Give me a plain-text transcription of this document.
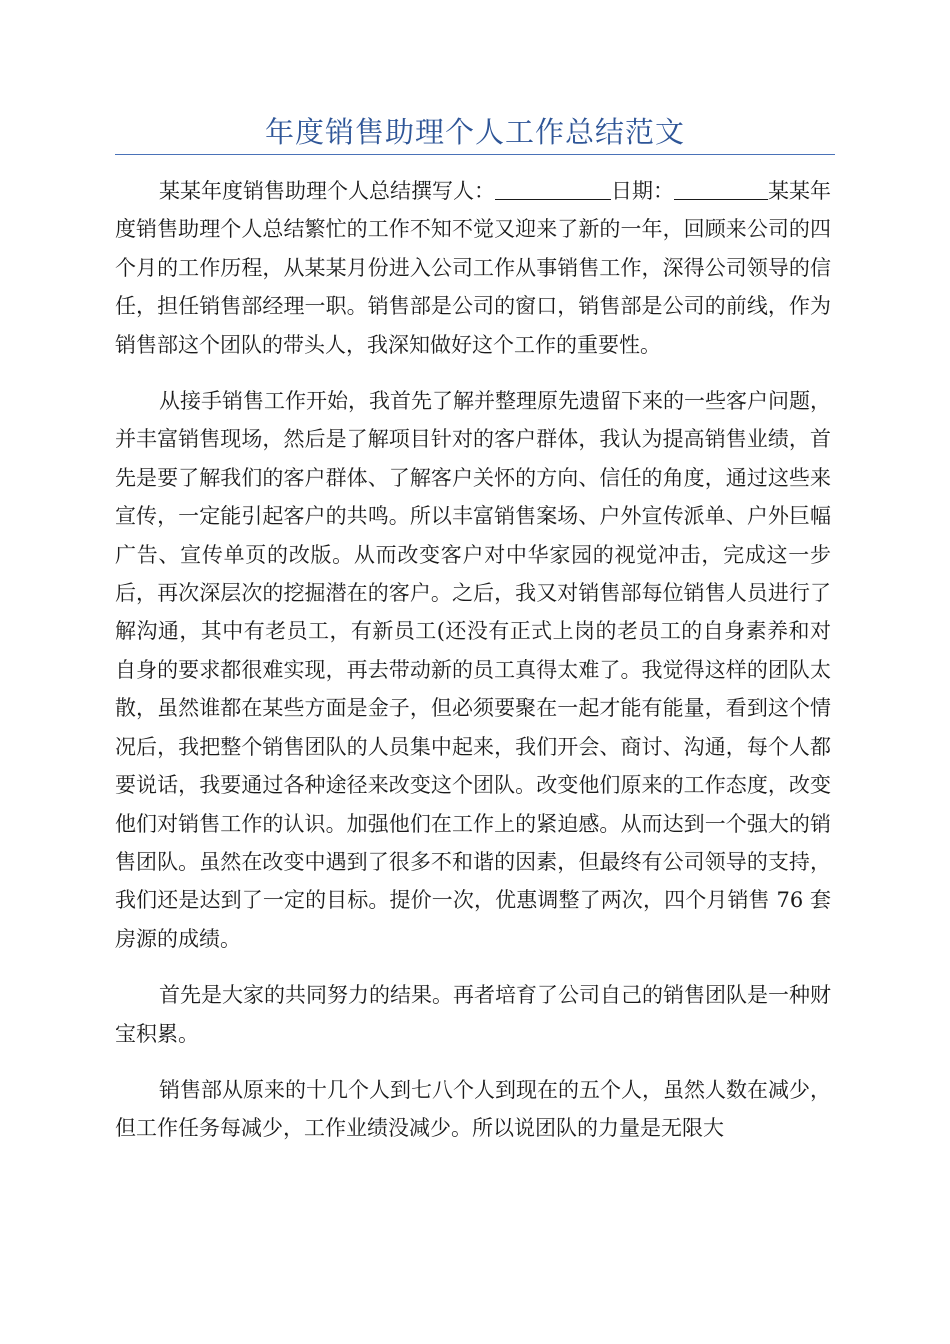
年度销售助理个人工作总结范文

某某年度销售助理个人总结撰写人：	日期：	某某年度销售助理个人总结繁忙的工作不知不觉又迎来了新的一年，回顾来公司的四个月的工作历程，从某某月份进入公司工作从事销售工作，深得公司领导的信任，担任销售部经理一职。销售部是公司的窗口，销售部是公司的前线，作为销售部这个团队的带头人，我深知做好这个工作的重要性。

从接手销售工作开始，我首先了解并整理原先遗留下来的一些客户问题，并丰富销售现场，然后是了解项目针对的客户群体，我认为提高销售业绩，首先是要了解我们的客户群体、了解客户关怀的方向、信任的角度，通过这些来宣传，一定能引起客户的共鸣。所以丰富销售案场、户外宣传派单、户外巨幅广告、宣传单页的改版。从而改变客户对中华家园的视觉冲击，完成这一步后，再次深层次的挖掘潜在的客户。之后，我又对销售部每位销售人员进行了解沟通，其中有老员工，有新员工(还没有正式上岗的老员工的自身素养和对自身的要求都很难实现，再去带动新的员工真得太难了。我觉得这样的团队太散，虽然谁都在某些方面是金子，但必须要聚在一起才能有能量，看到这个情况后，我把整个销售团队的人员集中起来，我们开会、商讨、沟通，每个人都要说话，我要通过各种途径来改变这个团队。改变他们原来的工作态度，改变他们对销售工作的认识。加强他们在工作上的紧迫感。从而达到一个强大的销售团队。虽然在改变中遇到了很多不和谐的因素，但最终有公司领导的支持，我们还是达到了一定的目标。提价一次，优惠调整了两次，四个月销售 76 套房源的成绩。

首先是大家的共同努力的结果。再者培育了公司自己的销售团队是一种财宝积累。

销售部从原来的十几个人到七八个人到现在的五个人，虽然人数在减少，但工作任务每减少，工作业绩没减少。所以说团队的力量是无限大
